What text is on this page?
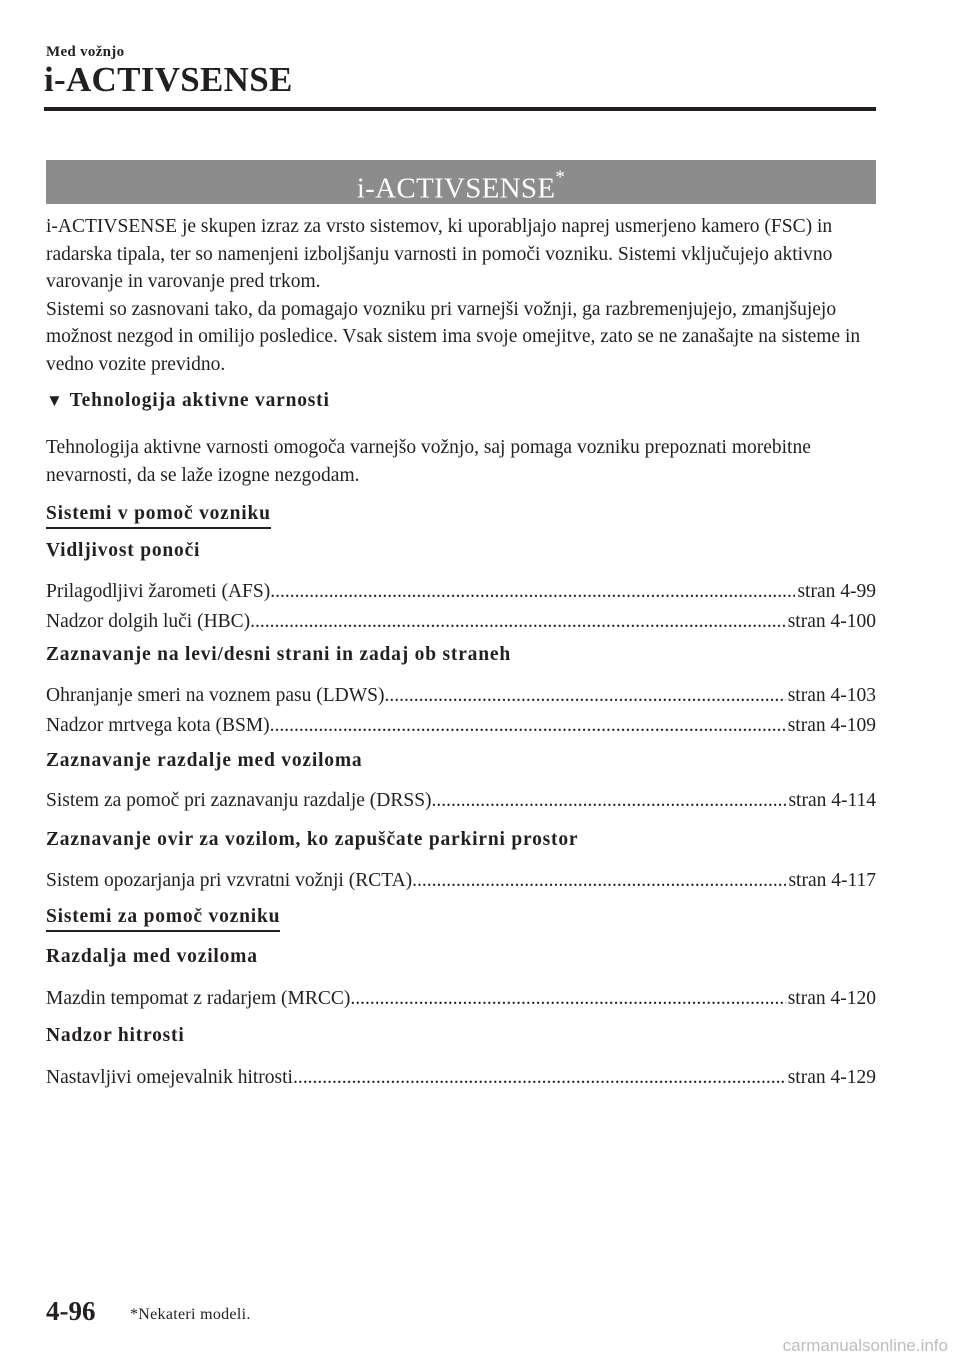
Med vožnjo
i-ACTIVSENSE
i-ACTIVSENSE*
i-ACTIVSENSE je skupen izraz za vrsto sistemov, ki uporabljajo naprej usmerjeno kamero (FSC) in radarska tipala, ter so namenjeni izboljšanju varnosti in pomoči vozniku. Sistemi vključujejo aktivno varovanje in varovanje pred trkom.
Sistemi so zasnovani tako, da pomagajo vozniku pri varnejši vožnji, ga razbremenjujejo, zmanjšujejo možnost nezgod in omilijo posledice. Vsak sistem ima svoje omejitve, zato se ne zanašajte na sisteme in vedno vozite previdno.
▼ Tehnologija aktivne varnosti
Tehnologija aktivne varnosti omogoča varnejšo vožnjo, saj pomaga vozniku prepoznati morebitne nevarnosti, da se laže izogne nezgodam.
Sistemi v pomoč vozniku
Vidljivost ponoči
Prilagodljivi žarometi (AFS) .....	stran 4-99
Nadzor dolgih luči (HBC) .....	stran 4-100
Zaznavanje na levi/desni strani in zadaj ob straneh
Ohranjanje smeri na voznem pasu (LDWS) .....	stran 4-103
Nadzor mrtvega kota (BSM) .....	stran 4-109
Zaznavanje razdalje med voziloma
Sistem za pomoč pri zaznavanju razdalje (DRSS) .....	stran 4-114
Zaznavanje ovir za vozilom, ko zapuščate parkirni prostor
Sistem opozarjanja pri vzvratni vožnji (RCTA) .....	stran 4-117
Sistemi za pomoč vozniku
Razdalja med voziloma
Mazdin tempomat z radarjem (MRCC) .....	stran 4-120
Nadzor hitrosti
Nastavljivi omejevalnik hitrosti .....	stran 4-129
4-96 *Nekateri modeli.
carmanualsonline.info
